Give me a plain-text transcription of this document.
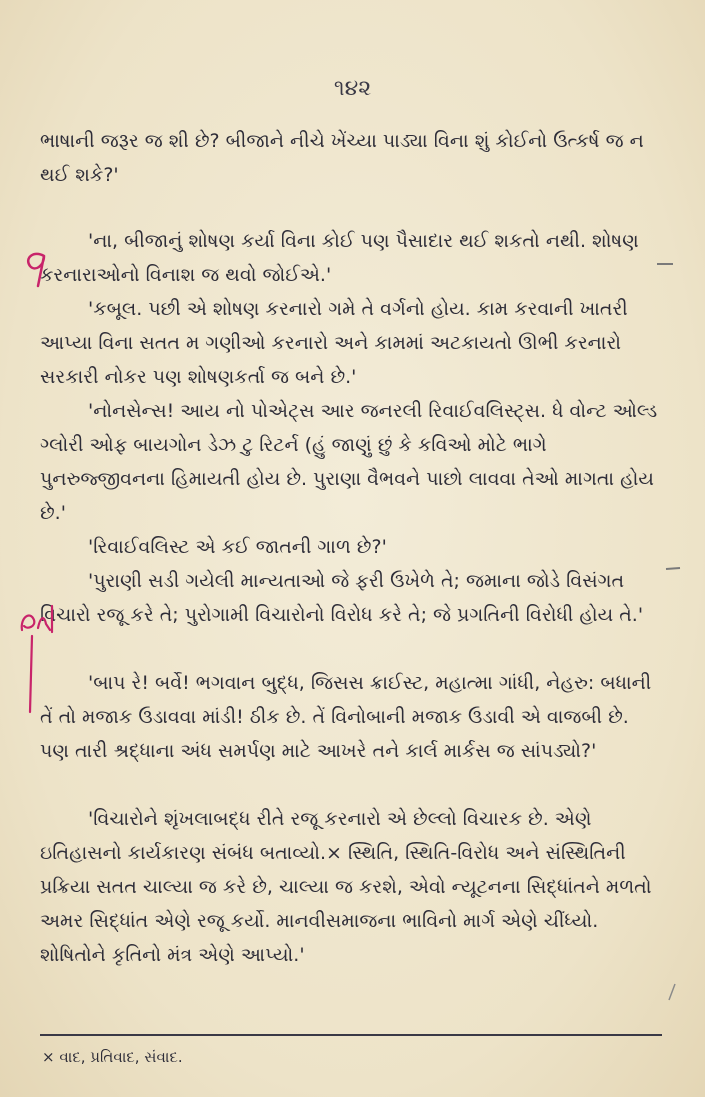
૧૪૨

ભાષાની જરૂર જ શી છે? બીજાને નીચે ખેંચ્યા પાડ્યા વિના શું કોઈનો ઉત્કર્ષ જ ન થઈ શકે?'

'ના, બીજાનું શોષણ કર્યા વિના કોઈ પણ પૈસાદાર થઈ શકતો નથી. શોષણ કરનારાઓનો વિનાશ જ થવો જોઈએ.'

'કબૂલ. પછી એ શોષણ કરનારો ગમે તે વર્ગનો હોય. કામ કરવાની ખાતરી આપ્યા વિના સતત મ ગણીઓ કરનારો અને કામમાં અટકાયતો ઊભી કરનારો સરકારી નોકર પણ શોષણકર્તા જ બને છે.'

'નોનસેન્સ! આય નો પોએટ્સ આર જનરલી રિવાઈવલિસ્ટ્સ. ધે વોન્ટ ઓલ્ડ ગ્લોરી ઓફ બાયગોન ડેઝ ટુ રિટર્ન (હું જાણું છું કે કવિઓ મોટે ભાગે પુનરુજ્જીવનના હિમાયતી હોય છે. પુરાણા વૈભવને પાછો લાવવા તેઓ માગતા હોય છે.'

'રિવાઈવલિસ્ટ એ કઈ જાતની ગાળ છે?'

'પુરાણી સડી ગયેલી માન્યતાઓ જે ફરી ઉખેળે તે; જમાના જોડે વિસંગત વિચારો રજૂ કરે તે; પુરોગામી વિચારોનો વિરોધ કરે તે; જે પ્રગતિની વિરોધી હોય તે.'

'બાપ રે! બર્વે! ભગવાન બુદ્ધ, જિસસ ક્રાઈસ્ટ, મહાત્મા ગાંધી, નેહરુ: બધાની તેં તો મજાક ઉડાવવા માંડી! ઠીક છે. તેં વિનોબાની મજાક ઉડાવી એ વાજબી છે. પણ તારી શ્રદ્ધાના અંધ સમર્પણ માટે આખરે તને કાર્લ માર્કસ જ સાંપડ્યો?'

'વિચારોને શૃંખલાબદ્ધ રીતે રજૂ કરનારો એ છેલ્લો વિચારક છે. એણે ઇતિહાસનો કાર્યકારણ સંબંધ બતાવ્યો.× સ્થિતિ, સ્થિતિ-વિરોધ અને સંસ્થિતિની પ્રક્રિયા સતત ચાલ્યા જ કરે છે, ચાલ્યા જ કરશે, એવો ન્યૂટનના સિદ્ધાંતને મળતો અમર સિદ્ધાંત એણે રજૂ કર્યો. માનવીસમાજના ભાવિનો માર્ગ એણે ચીંધ્યો. શોષિતોને કૃતિનો મંત્ર એણે આપ્યો.'

× વાદ, પ્રતિવાદ, સંવાદ.
